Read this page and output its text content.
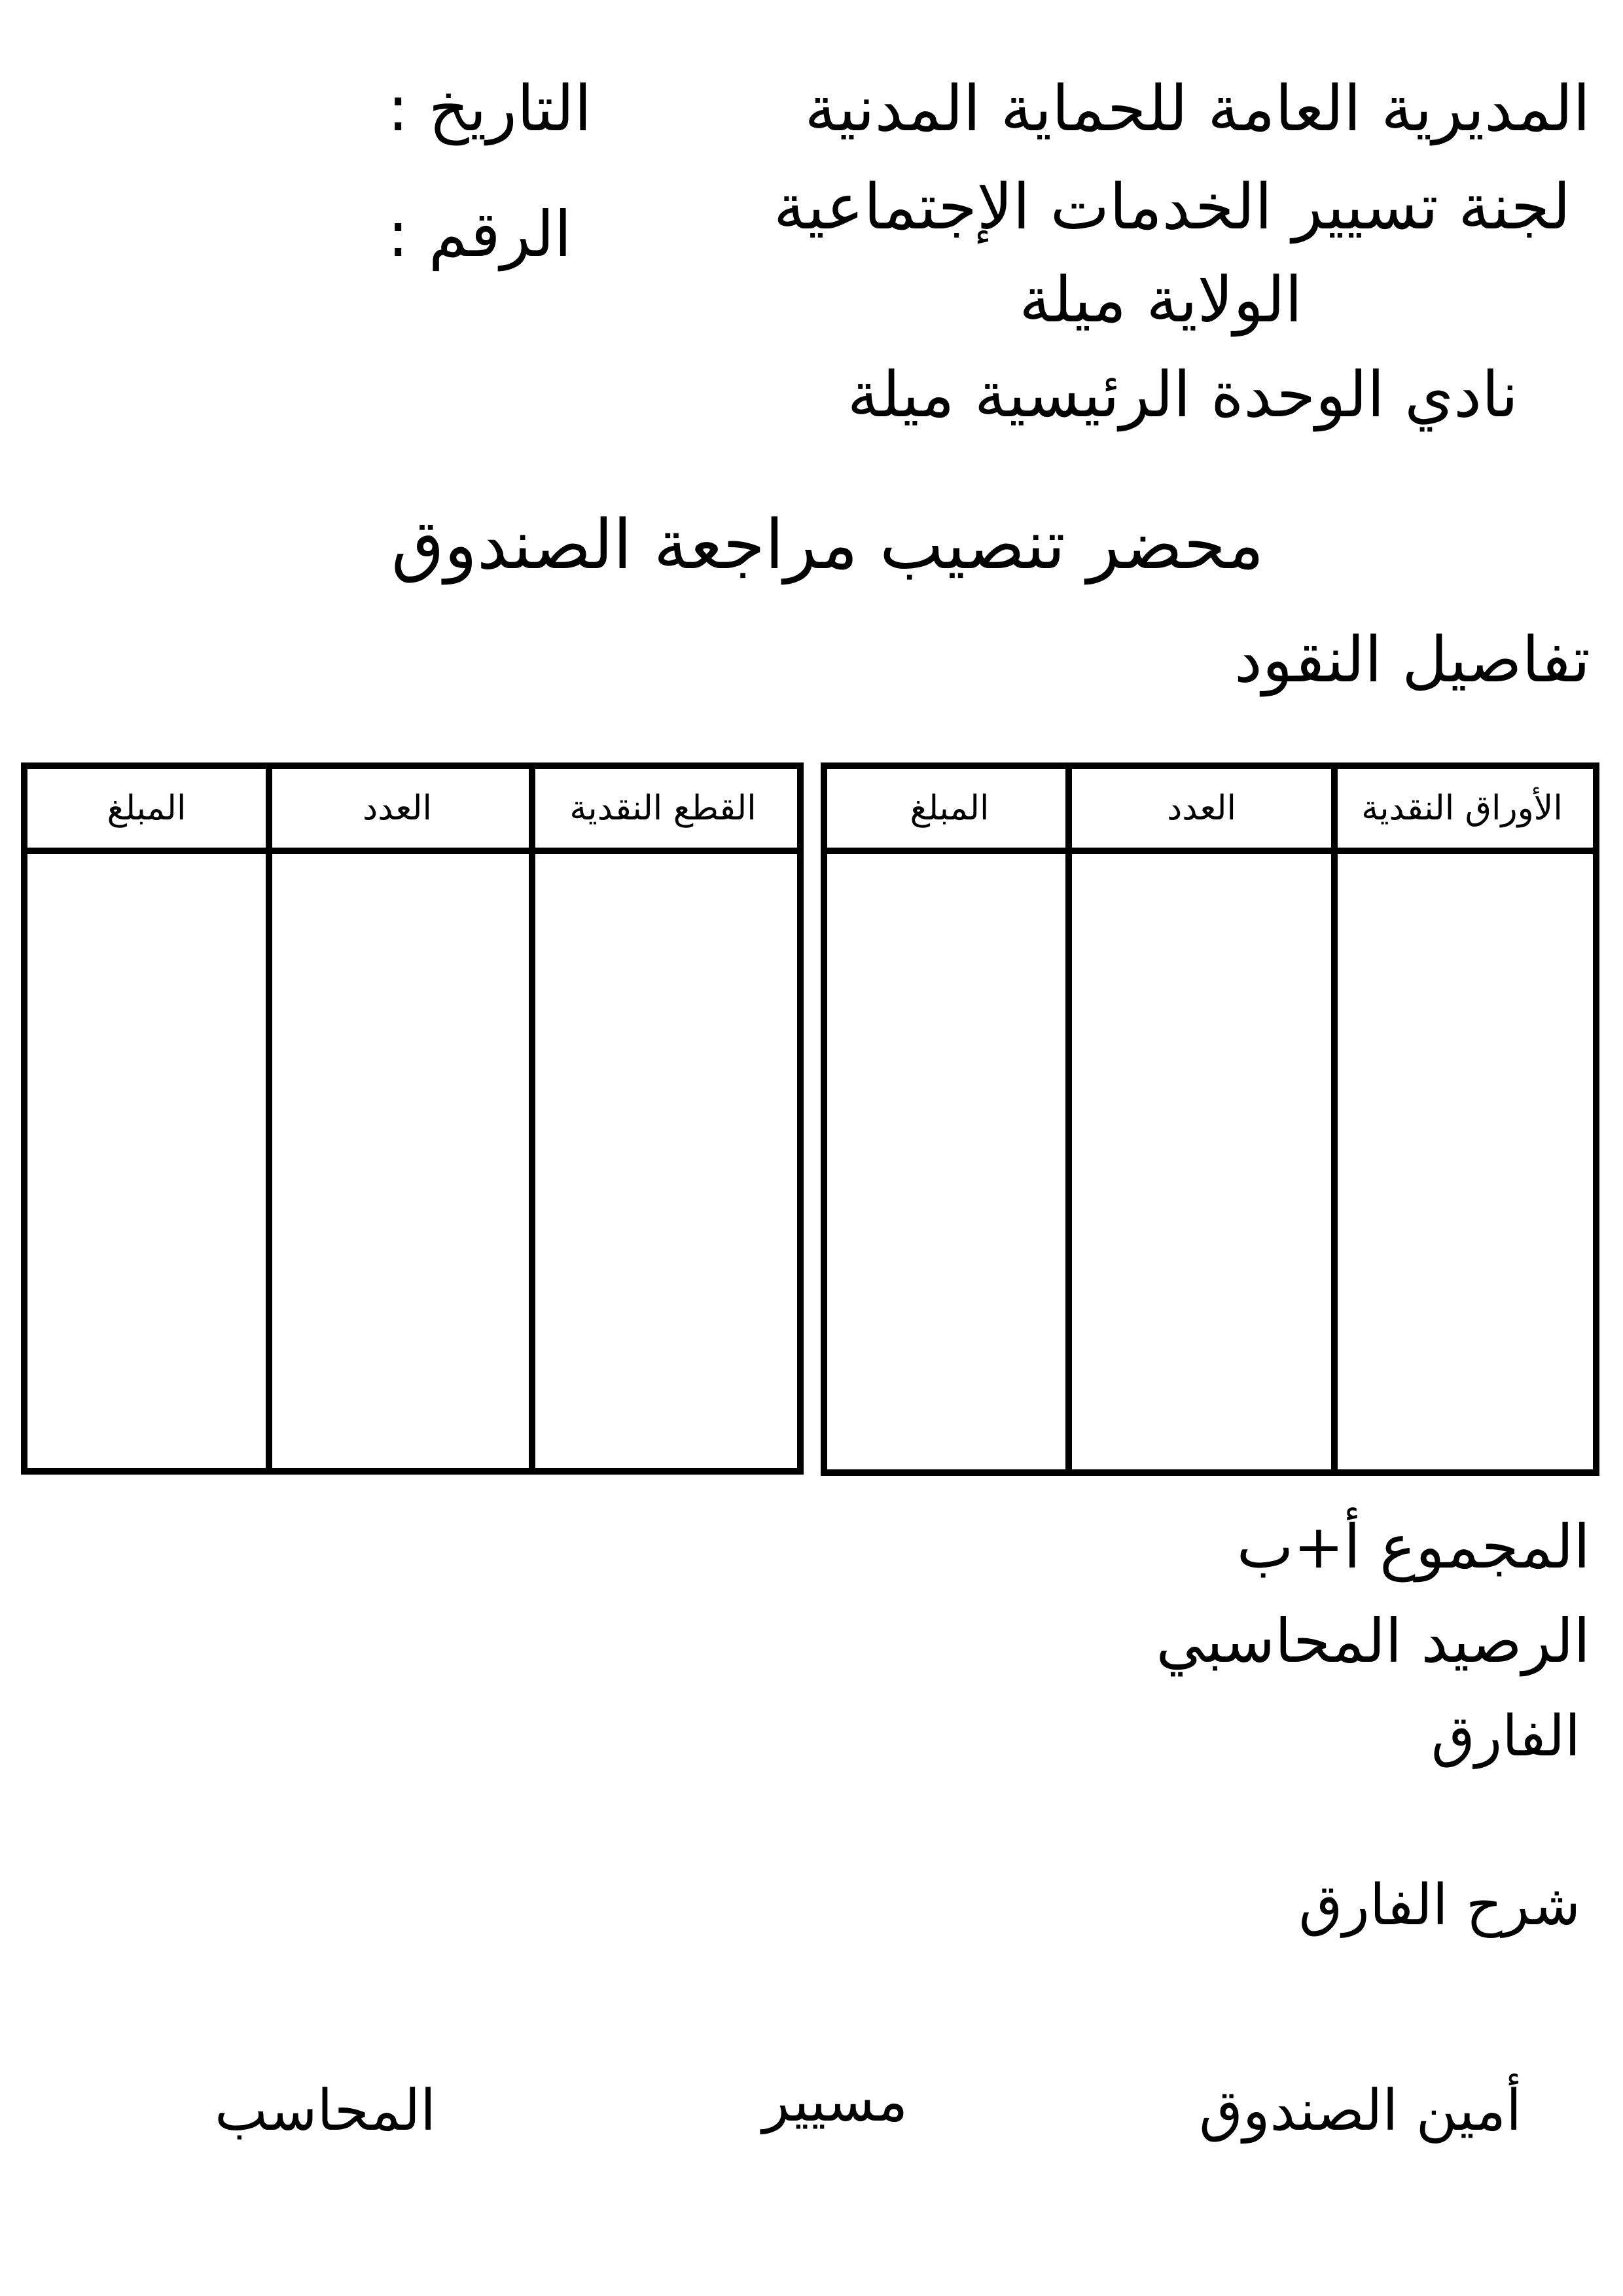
المديرية العامة للحماية المدنية
لجنة تسيير الخدمات الإجتماعية
الولاية ميلة
نادي الوحدة الرئيسية ميلة
التاريخ :
الرقم :
محضر تنصيب مراجعة الصندوق
تفاصيل النقود
الأوراق النقدية
العدد
المبلغ
القطع النقدية
العدد
المبلغ
المجموع أ+ب
الرصيد المحاسبي
الفارق
شرح الفارق
أمين الصندوق
مسيير
المحاسب
